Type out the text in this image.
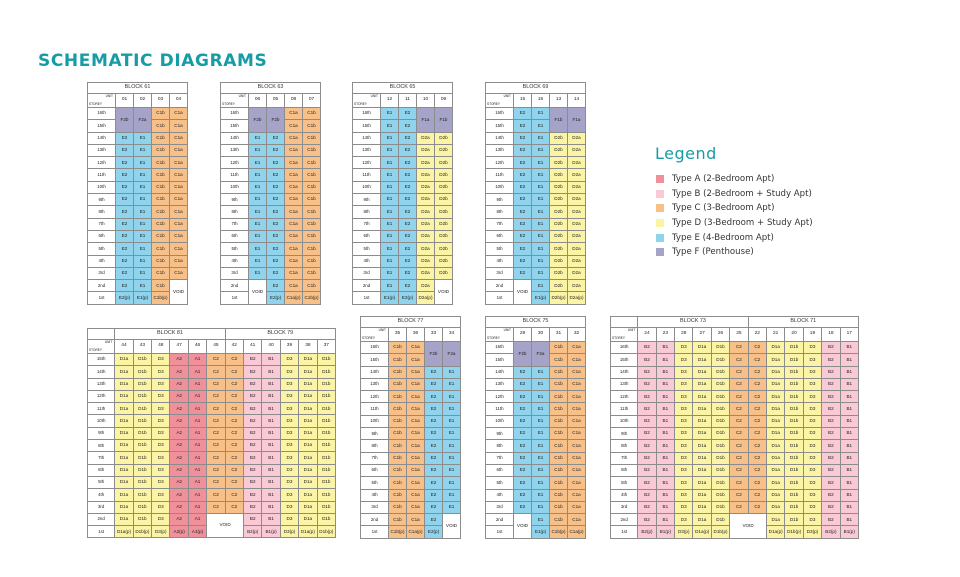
SCHEMATIC DIAGRAMS
BLOCK 61				

UNIT
STOREY	01	02	03	04
16th	F2b	F2a	C1b	C1a
15th			C1b	C1a
14th	E2	E1	C1b	C1a
13th	E2	E1	C1b	C1a
12th	E2	E1	C1b	C1a
11th	E2	E1	C1b	C1a
10th	E2	E1	C1b	C1a
9th	E2	E1	C1b	C1a
8th	E2	E1	C1b	C1a
7th	E2	E1	C1b	C1a
6th	E2	E1	C1b	C1a
5th	E2	E1	C1b	C1a
4th	E2	E1	C1b	C1a
3rd	E2	E1	C1b	C1a
2nd	E2	E1	C1b	VOID
1st	E2(p)	E1(p)	C1b(p)	
BLOCK 63				

UNIT
STOREY	06	05	08	07
16th	F2b	F2b	C1a	C1b
15th			C1a	C1b
14th	E1	E2	C1a	C1b
13th	E1	E2	C1a	C1b
12th	E1	E2	C1a	C1b
11th	E1	E2	C1a	C1b
10th	E1	E2	C1a	C1b
9th	E1	E2	C1a	C1b
8th	E1	E2	C1a	C1b
7th	E1	E2	C1a	C1b
6th	E1	E2	C1a	C1b
5th	E1	E2	C1a	C1b
4th	E1	E2	C1a	C1b
3rd	E1	E2	C1a	C1b
2nd	VOID	E2	C1a	C1b
1st		E2(p)	C1a(p)	C1b(p)
BLOCK 65				

UNIT
STOREY	12	11	10	09
16th	E1	E2	F1a	F1b
15th	E1	E2		
14th	E1	E2	D2a	D2b
13th	E1	E2	D2a	D2b
12th	E1	E2	D2a	D2b
11th	E1	E2	D2a	D2b
10th	E1	E2	D2a	D2b
9th	E1	E2	D2a	D2b
8th	E1	E2	D2a	D2b
7th	E1	E2	D2a	D2b
6th	E1	E2	D2a	D2b
5th	E1	E2	D2a	D2b
4th	E1	E2	D2a	D2b
3rd	E1	E2	D2a	D2b
2nd	E1	E2	D2a	VOID
1st	E1(p)	E2(p)	D2a(p)	
BLOCK 69				

UNIT
STOREY	15	16	13	14
16th	E2	E1	F1b	F1a
15th	E2	E1		
14th	E2	E1	D2b	D2a
13th	E2	E1	D2b	D2a
12th	E2	E1	D2b	D2a
11th	E2	E1	D2b	D2a
10th	E2	E1	D2b	D2a
9th	E2	E1	D2b	D2a
8th	E2	E1	D2b	D2a
7th	E2	E1	D2b	D2a
6th	E2	E1	D2b	D2a
5th	E2	E1	D2b	D2a
4th	E2	E1	D2b	D2a
3rd	E2	E1	D2b	D2a
2nd	VOID	E1	D2b	D2a
1st		E1(p)	D2b(p)	D2a(p)
	BLOCK 81						BLOCK 79					

UNIT
STOREY	44	43	48	47	46	45	42	41	40	39	38	37
15th	D1a	D1b	D3	A2	A1	C2	C2	B2	B1	D3	D1a	D1b
14th	D1a	D1b	D3	A2	A1	C2	C2	B2	B1	D3	D1a	D1b
13th	D1a	D1b	D3	A2	A1	C2	C2	B2	B1	D3	D1a	D1b
12th	D1a	D1b	D3	A2	A1	C2	C2	B2	B1	D3	D1a	D1b
11th	D1a	D1b	D3	A2	A1	C2	C2	B2	B1	D3	D1a	D1b
10th	D1a	D1b	D3	A2	A1	C2	C2	B2	B1	D3	D1a	D1b
9th	D1a	D1b	D3	A2	A1	C2	C2	B2	B1	D3	D1a	D1b
8th	D1a	D1b	D3	A2	A1	C2	C2	B2	B1	D3	D1a	D1b
7th	D1a	D1b	D3	A2	A1	C2	C2	B2	B1	D3	D1a	D1b
6th	D1a	D1b	D3	A2	A1	C2	C2	B2	B1	D3	D1a	D1b
5th	D1a	D1b	D3	A2	A1	C2	C2	B2	B1	D3	D1a	D1b
4th	D1a	D1b	D3	A2	A1	C2	C2	B2	B1	D3	D1a	D1b
3rd	D1a	D1b	D3	A2	A1	C2	C2	B2	B1	D3	D1a	D1b
2nd	D1a	D1b	D3	A2	A1	VOID		B2	B1	D3	D1a	D1b
1st	D1a(p)	D1b(p)	D3(p)	A2(p)	A1(p)			B2(p)	B1(p)	D3(p)	D1a(p)	D1b(p)
BLOCK 77				

UNIT
STOREY	35	36	33	34
16th	C1b	C1a	F2b	F2a
15th	C1b	C1a		
14th	C1b	C1a	E2	E1
13th	C1b	C1a	E2	E1
12th	C1b	C1a	E2	E1
11th	C1b	C1a	E2	E1
10th	C1b	C1a	E2	E1
9th	C1b	C1a	E2	E1
8th	C1b	C1a	E2	E1
7th	C1b	C1a	E2	E1
6th	C1b	C1a	E2	E1
5th	C1b	C1a	E2	E1
4th	C1b	C1a	E2	E1
3rd	C1b	C1a	E2	E1
2nd	C1b	C1a	E2	VOID
1st	C1b(p)	C1a(p)	E2(p)	
BLOCK 75				

UNIT
STOREY	29	30	31	32
16th	F2b	F2a	C1b	C1a
15th			C1b	C1a
14th	E2	E1	C1b	C1a
13th	E2	E1	C1b	C1a
12th	E2	E1	C1b	C1a
11th	E2	E1	C1b	C1a
10th	E2	E1	C1b	C1a
9th	E2	E1	C1b	C1a
8th	E2	E1	C1b	C1a
7th	E2	E1	C1b	C1a
6th	E2	E1	C1b	C1a
5th	E2	E1	C1b	C1a
4th	E2	E1	C1b	C1a
3rd	E2	E1	C1b	C1a
2nd	VOID	E1	C1b	C1a
1st		E1(p)	C1b(p)	C1a(p)
	BLOCK 73						BLOCK 71					

UNIT
STOREY	24	23	28	27	26	25	22	21	20	19	18	17
16th	B2	B1	D3	D1a	D1b	C2	C2	D1a	D1b	D3	B2	B1
15th	B2	B1	D3	D1a	D1b	C2	C2	D1a	D1b	D3	B2	B1
14th	B2	B1	D3	D1a	D1b	C2	C2	D1a	D1b	D3	B2	B1
13th	B2	B1	D3	D1a	D1b	C2	C2	D1a	D1b	D3	B2	B1
12th	B2	B1	D3	D1a	D1b	C2	C2	D1a	D1b	D3	B2	B1
11th	B2	B1	D3	D1a	D1b	C2	C2	D1a	D1b	D3	B2	B1
10th	B2	B1	D3	D1a	D1b	C2	C2	D1a	D1b	D3	B2	B1
9th	B2	B1	D3	D1a	D1b	C2	C2	D1a	D1b	D3	B2	B1
8th	B2	B1	D3	D1a	D1b	C2	C2	D1a	D1b	D3	B2	B1
7th	B2	B1	D3	D1a	D1b	C2	C2	D1a	D1b	D3	B2	B1
6th	B2	B1	D3	D1a	D1b	C2	C2	D1a	D1b	D3	B2	B1
5th	B2	B1	D3	D1a	D1b	C2	C2	D1a	D1b	D3	B2	B1
4th	B2	B1	D3	D1a	D1b	C2	C2	D1a	D1b	D3	B2	B1
3rd	B2	B1	D3	D1a	D1b	C2	C2	D1a	D1b	D3	B2	B1
2nd	B2	B1	D3	D1a	D1b	VOID		D1a	D1b	D3	B2	B1
1st	B2(p)	B1(p)	D3(p)	D1a(p)	D1b(p)			D1a(p)	D1b(p)	D3(p)	B2(p)	B1(p)
Legend
Type A (2-Bedroom Apt)
Type B (2-Bedroom + Study Apt)
Type C (3-Bedroom Apt)
Type D (3-Bedroom + Study Apt)
Type E (4-Bedroom Apt)
Type F (Penthouse)
